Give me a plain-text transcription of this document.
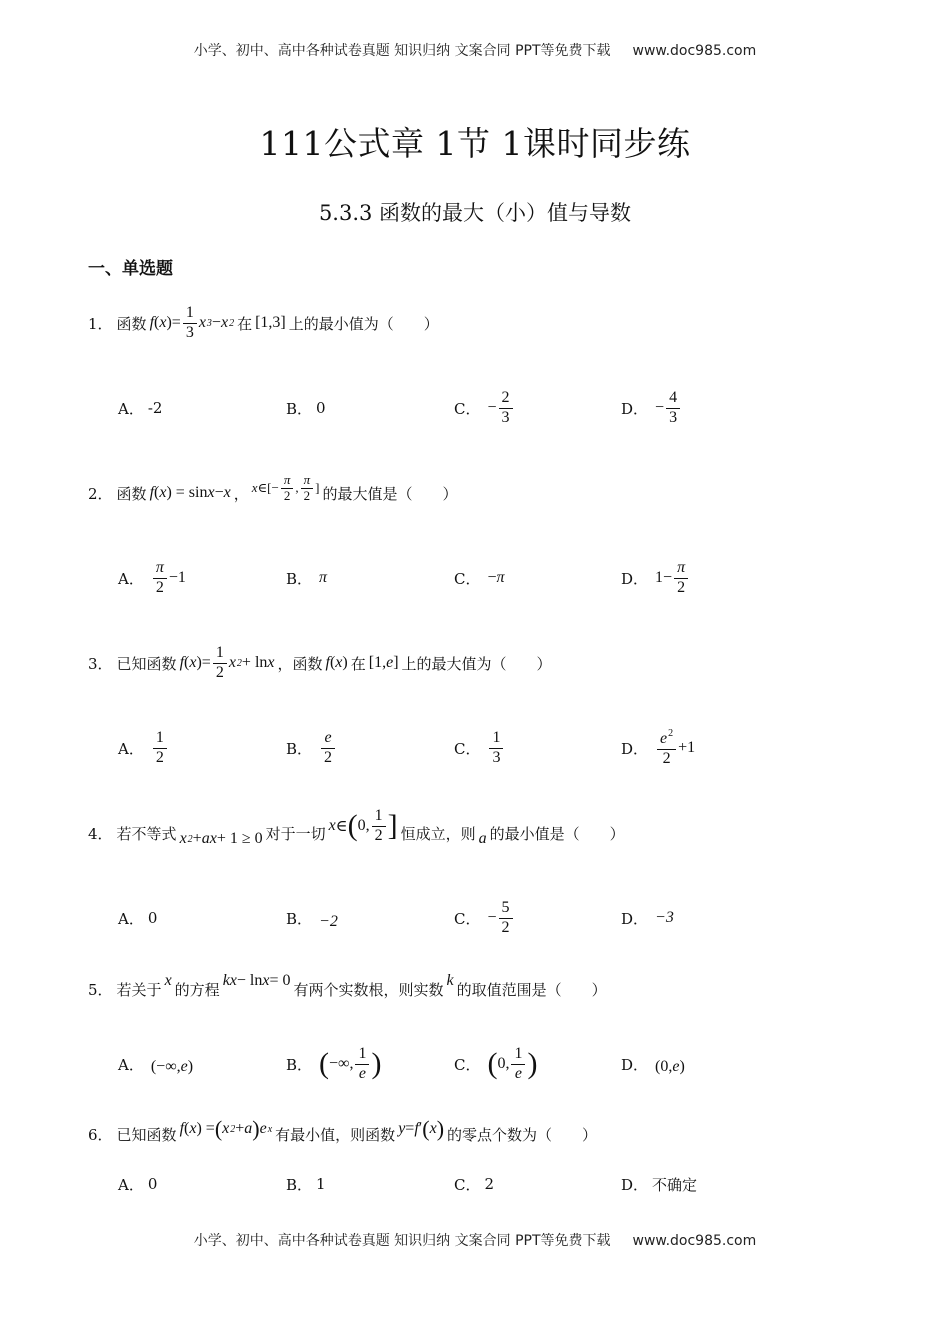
小学、初中、高中各种试卷真题 知识归纳 文案合同 PPT等免费下载 www.doc985.com
111公式章 1节 1课时同步练
5.3.3 函数的最大（小）值与导数
一、单选题
1． 函数 f ( x )= $\frac{1}{3}$ x 3 − x 2 在 [1,3] 上的最小值为（　　）
A． -2	B． 0	C． − $\frac{2}{3}$	D． − $\frac{4}{3}$
2． 函数 f ( x ) = sin x − x ， x ∈[− $\frac{\pi}{2}$ , $\frac{\pi}{2}$ ] 的最大值是（　　）
A． $\frac{\pi}{2} -1$	B． π	C． − π	D． $1- \frac{\pi}{2}$
3． 已知函数 f ( x )= $\frac{1}{2}$ x 2 + ln x ，函数 f ( x ) 在 [1, e ] 上的最大值为（　　）
A． $\frac{1}{2}$	B． $\frac{e}{2}$	C． $\frac{1}{3}$	D． $\frac{e^2}{2} +1$
4． 若不等式 x 2 + ax + 1 ≥ 0 对于一切 x ∈ ( 0, $\frac{1}{2}$ ] 恒成立，则 a 的最小值是（　　）
A． 0	B． −2	C． − $\frac{5}{2}$	D． −3
5． 若关于 x 的方程 kx − ln x = 0 有两个实数根，则实数 k 的取值范围是（　　）
A． (−∞, e )	B． ( −∞, $\frac{1}{e}$ )	C． ( 0, $\frac{1}{e}$ )	D． (0, e )
6． 已知函数 f ( x ) = ( x 2 + a ) e x 有最小值，则函数 y = f ′ ( x ) 的零点个数为（　　）
A． 0	B． 1	C． 2	D． 不确定
小学、初中、高中各种试卷真题 知识归纳 文案合同 PPT等免费下载 www.doc985.com
